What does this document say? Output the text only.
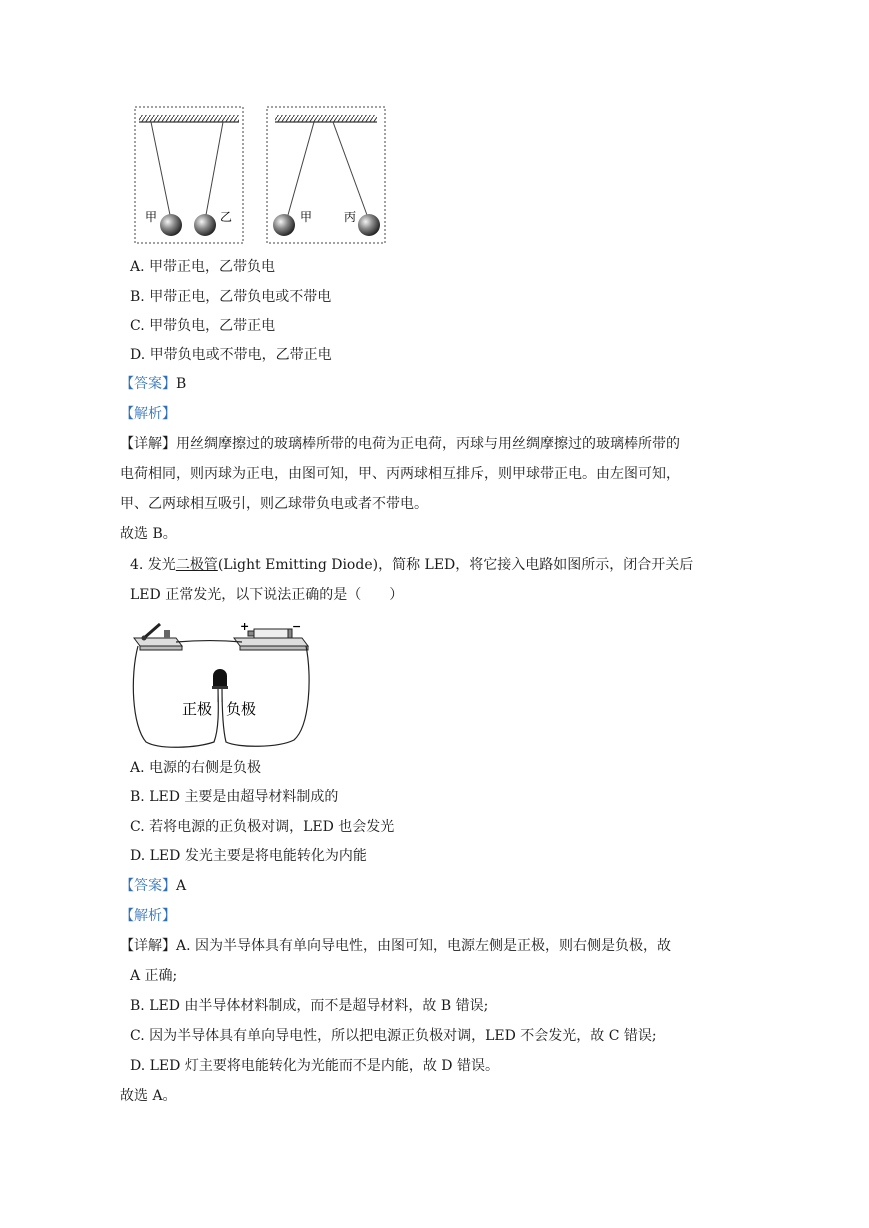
甲	乙	甲	丙
A. 甲带正电，乙带负电
B. 甲带正电，乙带负电或不带电
C. 甲带负电，乙带正电
D. 甲带负电或不带电，乙带正电
【答案】B
【解析】
【详解】用丝绸摩擦过的玻璃棒所带的电荷为正电荷，丙球与用丝绸摩擦过的玻璃棒所带的
电荷相同，则丙球为正电，由图可知，甲、丙两球相互排斥，则甲球带正电。由左图可知，
甲、乙两球相互吸引，则乙球带负电或者不带电。
故选 B。
4. 发光二极管(Light Emitting Diode)，简称 LED，将它接入电路如图所示，闭合开关后
LED 正常发光，以下说法正确的是（　　）
+	−
正极 负极
A. 电源的右侧是负极
B. LED 主要是由超导材料制成的
C. 若将电源的正负极对调，LED 也会发光
D. LED 发光主要是将电能转化为内能
【答案】A
【解析】
【详解】A. 因为半导体具有单向导电性，由图可知，电源左侧是正极，则右侧是负极，故
A 正确;
B. LED 由半导体材料制成，而不是超导材料，故 B 错误;
C. 因为半导体具有单向导电性，所以把电源正负极对调，LED 不会发光，故 C 错误;
D. LED 灯主要将电能转化为光能而不是内能，故 D 错误。
故选 A。
